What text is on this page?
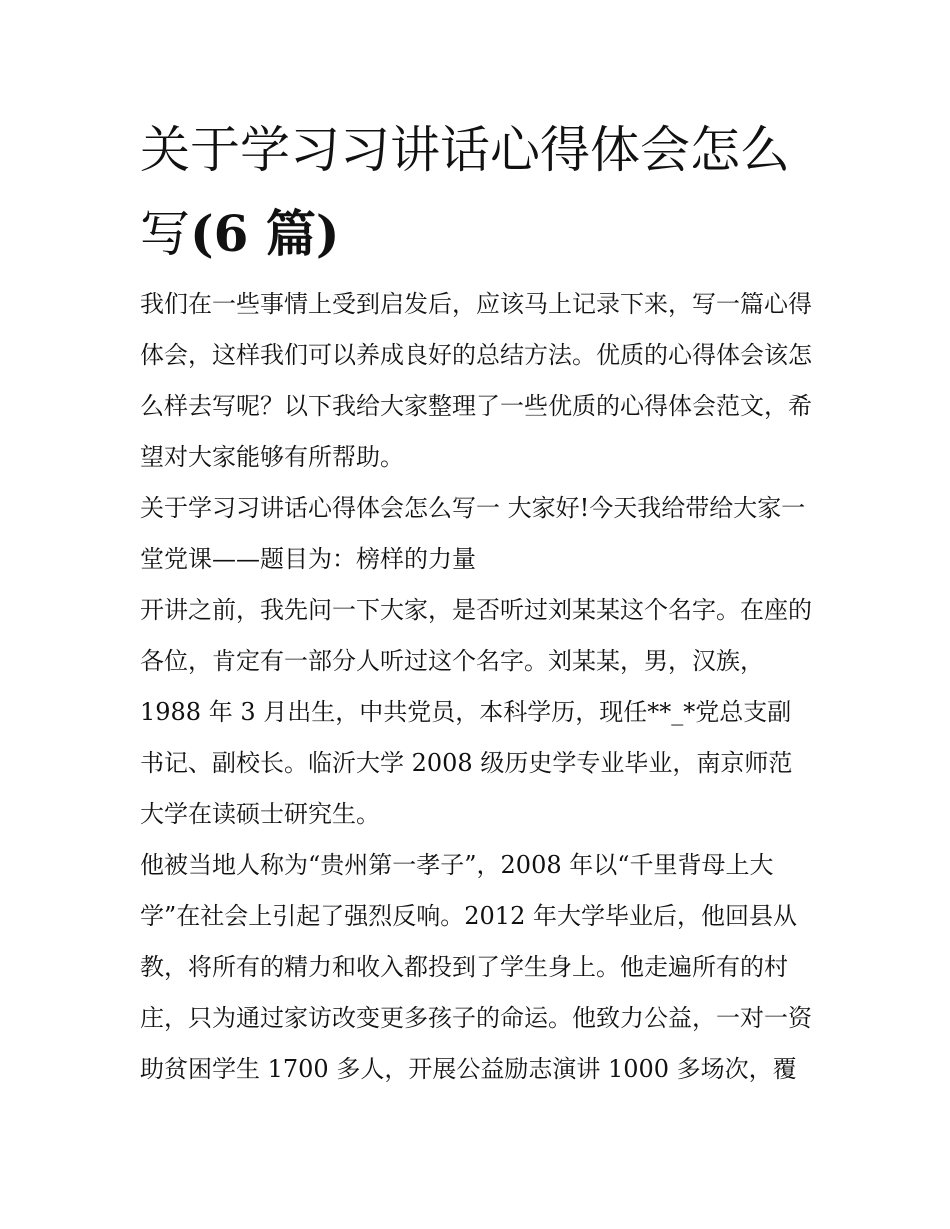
关于学习习讲话心得体会怎么写(6 篇)

我们在一些事情上受到启发后，应该马上记录下来，写一篇心得体会，这样我们可以养成良好的总结方法。优质的心得体会该怎么样去写呢？以下我给大家整理了一些优质的心得体会范文，希望对大家能够有所帮助。

关于学习习讲话心得体会怎么写一 大家好!今天我给带给大家一堂党课——题目为：榜样的力量

开讲之前，我先问一下大家，是否听过刘某某这个名字。在座的各位，肯定有一部分人听过这个名字。刘某某，男，汉族，1988 年 3 月出生，中共党员，本科学历，现任**_*党总支副书记、副校长。临沂大学 2008 级历史学专业毕业，南京师范大学在读硕士研究生。

他被当地人称为“贵州第一孝子”，2008 年以“千里背母上大学”在社会上引起了强烈反响。2012 年大学毕业后，他回县从教，将所有的精力和收入都投到了学生身上。他走遍所有的村庄，只为通过家访改变更多孩子的命运。他致力公益，一对一资助贫困学生 1700 多人，开展公益励志演讲 1000 多场次，覆
